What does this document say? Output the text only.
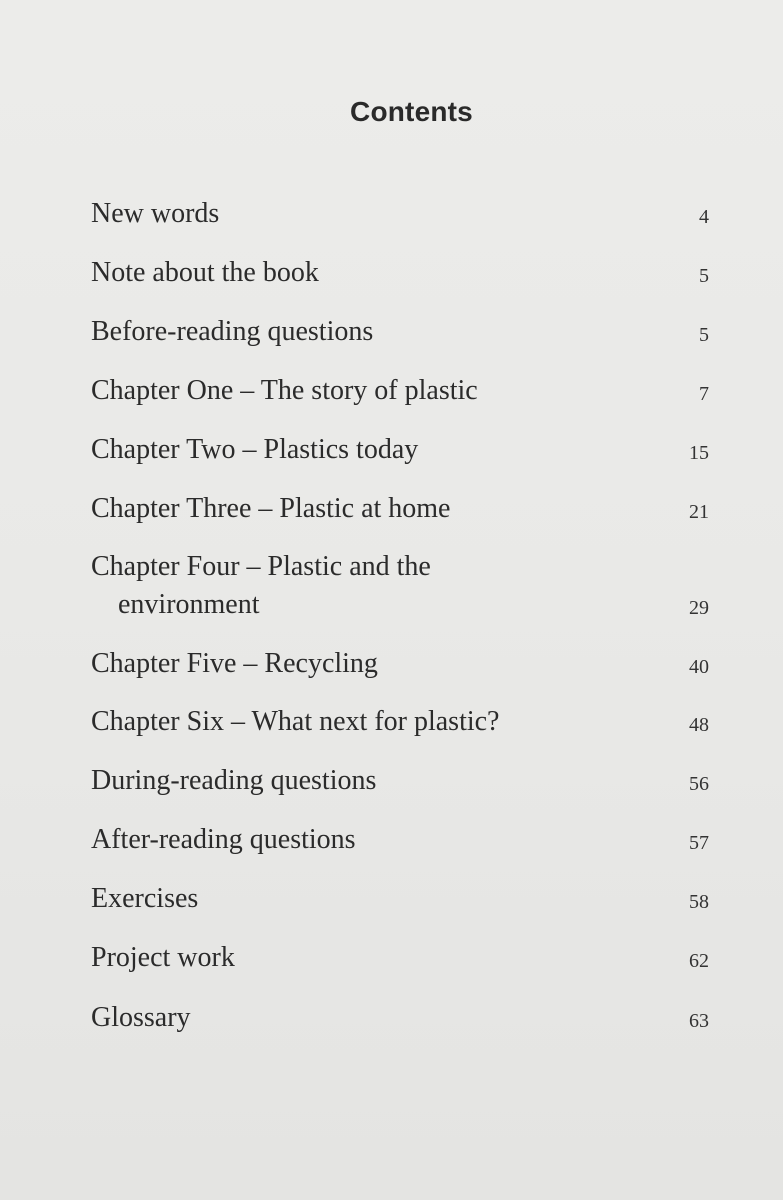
Contents
New words	4
Note about the book	5
Before-reading questions	5
Chapter One – The story of plastic	7
Chapter Two – Plastics today	15
Chapter Three – Plastic at home	21
Chapter Four – Plastic and the
environment	29
Chapter Five – Recycling	40
Chapter Six – What next for plastic?	48
During-reading questions	56
After-reading questions	57
Exercises	58
Project work	62
Glossary	63
